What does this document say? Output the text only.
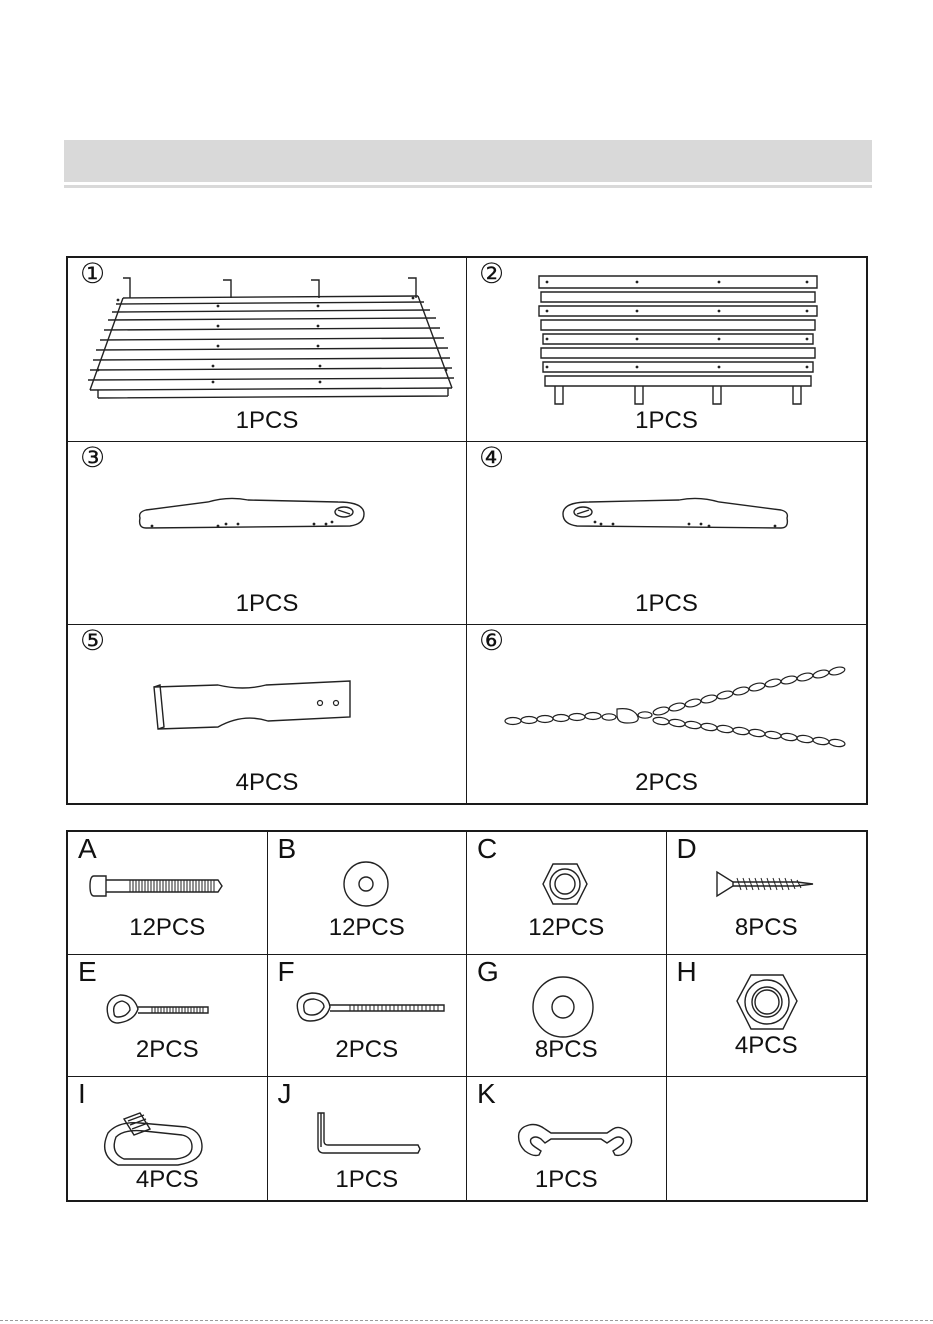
①
1PCS
②
1PCS
③
1PCS
④
1PCS
⑤
4PCS
⑥
2PCS
A
12PCS
B
12PCS
C
12PCS
D
8PCS
E
2PCS
F
2PCS
G
8PCS
H
4PCS
I
4PCS
J
1PCS
K
1PCS
